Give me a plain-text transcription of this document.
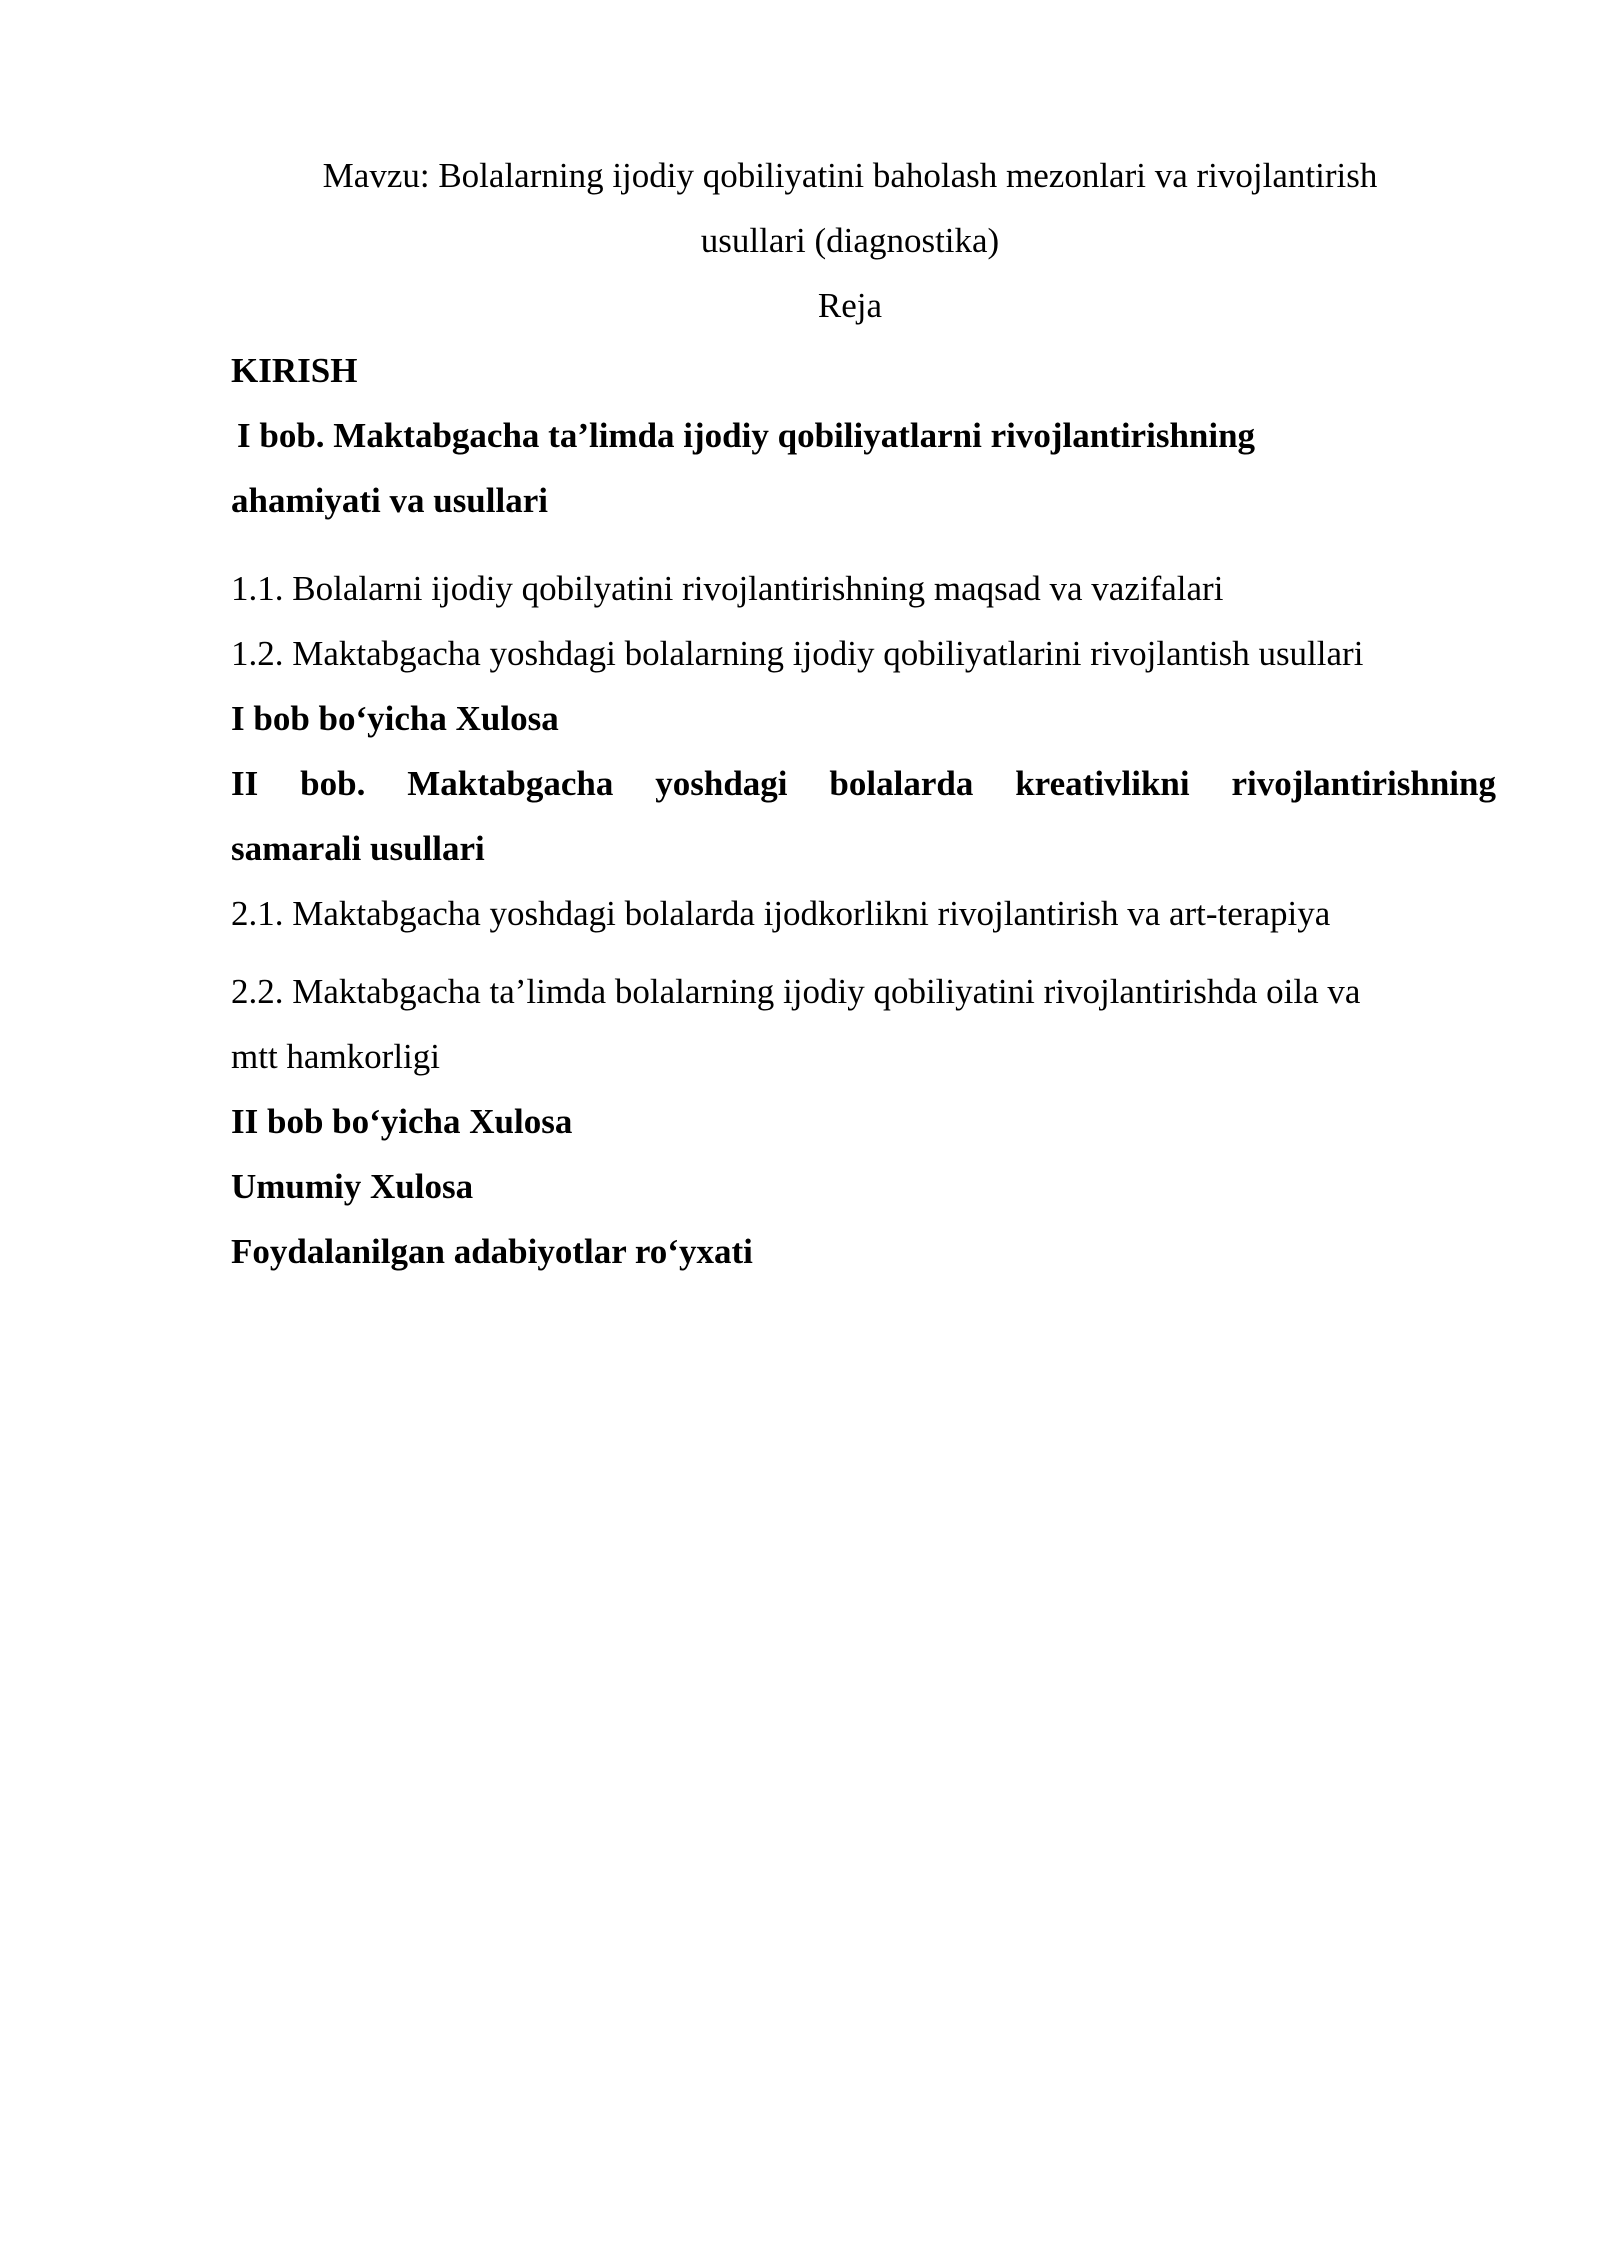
Mavzu: Bolalarning ijodiy qobiliyatini baholash mezonlari va rivojlantirish

usullari (diagnostika)

Reja

KIRISH

I bob. Maktabgacha ta’limda ijodiy qobiliyatlarni rivojlantirishning

ahamiyati va usullari

1.1. Bolalarni ijodiy qobilyatini rivojlantirishning maqsad va vazifalari

1.2. Maktabgacha yoshdagi bolalarning ijodiy qobiliyatlarini rivojlantish usullari

I bob bo‘yicha Xulosa

II bob. Maktabgacha yoshdagi bolalarda kreativlikni rivojlantirishning

samarali usullari

2.1. Maktabgacha yoshdagi bolalarda ijodkorlikni rivojlantirish va art-terapiya

2.2. Maktabgacha ta’limda bolalarning ijodiy qobiliyatini rivojlantirishda oila va

mtt hamkorligi

II bob bo‘yicha Xulosa

Umumiy Xulosa

Foydalanilgan adabiyotlar ro‘yxati
